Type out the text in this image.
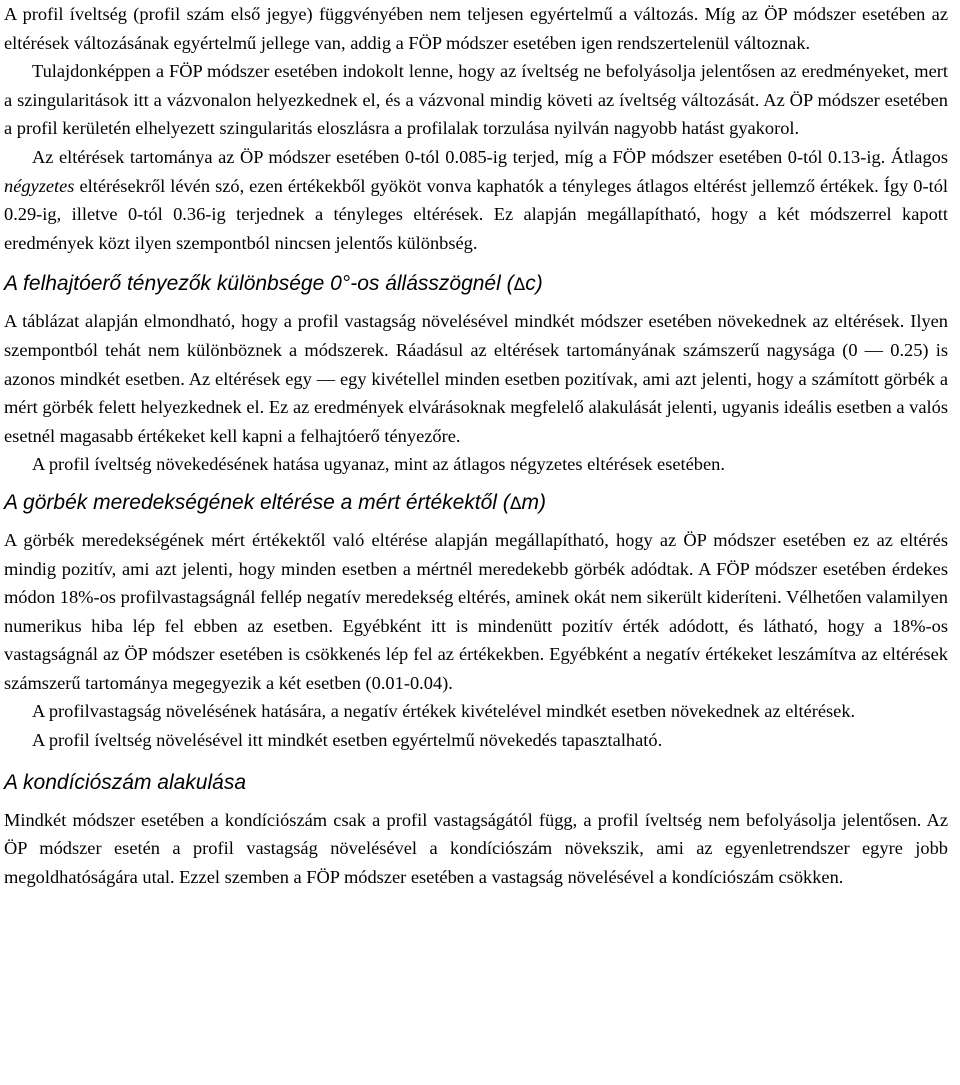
A profil íveltség (profil szám első jegye) függvényében nem teljesen egyértelmű a változás. Míg az ÖP módszer esetében az eltérések változásának egyértelmű jellege van, addig a FÖP módszer esetében igen rendszertelenül változnak.

Tulajdonképpen a FÖP módszer esetében indokolt lenne, hogy az íveltség ne befolyásolja jelentősen az eredményeket, mert a szingularitások itt a vázvonalon helyezkednek el, és a vázvonal mindig követi az íveltség változását. Az ÖP módszer esetében a profil kerületén elhelyezett szingularitás eloszlásra a profilalak torzulása nyilván nagyobb hatást gyakorol.

Az eltérések tartománya az ÖP módszer esetében 0-tól 0.085-ig terjed, míg a FÖP módszer esetében 0-tól 0.13-ig. Átlagos négyzetes eltérésekről lévén szó, ezen értékekből gyököt vonva kaphatók a tényleges átlagos eltérést jellemző értékek. Így 0-tól 0.29-ig, illetve 0-tól 0.36-ig terjednek a tényleges eltérések. Ez alapján megállapítható, hogy a két módszerrel kapott eredmények közt ilyen szempontból nincsen jelentős különbség.

A felhajtóerő tényezők különbsége 0°-os állásszögnél (Δc)

A táblázat alapján elmondható, hogy a profil vastagság növelésével mindkét módszer esetében növekednek az eltérések. Ilyen szempontból tehát nem különböznek a módszerek. Ráadásul az eltérések tartományának számszerű nagysága (0 — 0.25) is azonos mindkét esetben. Az eltérések egy — egy kivétellel minden esetben pozitívak, ami azt jelenti, hogy a számított görbék a mért görbék felett helyezkednek el. Ez az eredmények elvárásoknak megfelelő alakulását jelenti, ugyanis ideális esetben a valós esetnél magasabb értékeket kell kapni a felhajtóerő tényezőre.

A profil íveltség növekedésének hatása ugyanaz, mint az átlagos négyzetes eltérések esetében.

A görbék meredekségének eltérése a mért értékektől (Δm)

A görbék meredekségének mért értékektől való eltérése alapján megállapítható, hogy az ÖP módszer esetében ez az eltérés mindig pozitív, ami azt jelenti, hogy minden esetben a mértnél meredekebb görbék adódtak. A FÖP módszer esetében érdekes módon 18%-os profilvastagságnál fellép negatív meredekség eltérés, aminek okát nem sikerült kideríteni. Vélhetően valamilyen numerikus hiba lép fel ebben az esetben. Egyébként itt is mindenütt pozitív érték adódott, és látható, hogy a 18%-os vastagságnál az ÖP módszer esetében is csökkenés lép fel az értékekben. Egyébként a negatív értékeket leszámítva az eltérések számszerű tartománya megegyezik a két esetben (0.01-0.04).

A profilvastagság növelésének hatására, a negatív értékek kivételével mindkét esetben növekednek az eltérések.

A profil íveltség növelésével itt mindkét esetben egyértelmű növekedés tapasztalható.

A kondíciószám alakulása

Mindkét módszer esetében a kondíciószám csak a profil vastagságától függ, a profil íveltség nem befolyásolja jelentősen. Az ÖP módszer esetén a profil vastagság növelésével a kondíciószám növekszik, ami az egyenletrendszer egyre jobb megoldhatóságára utal. Ezzel szemben a FÖP módszer esetében a vastagság növelésével a kondíciószám csökken.
